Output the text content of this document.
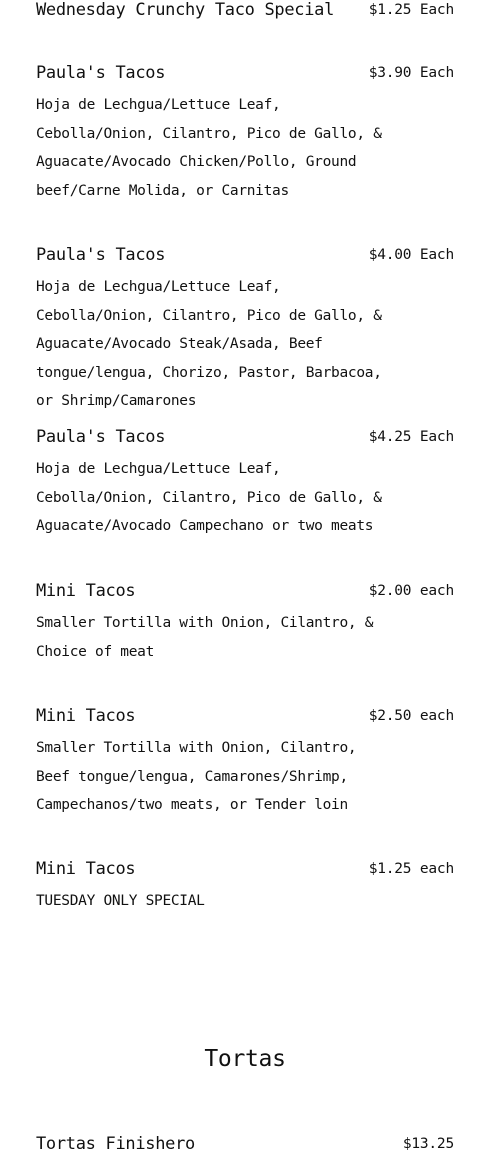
Wednesday Crunchy Taco Special $1.25 Each
Paula's Tacos	$3.90 Each

Hoja de Lechgua/Lettuce Leaf, Cebolla/Onion, Cilantro, Pico de Gallo, & Aguacate/Avocado Chicken/Pollo, Ground beef/Carne Molida, or Carnitas

Paula's Tacos	$4.00 Each

Hoja de Lechgua/Lettuce Leaf, Cebolla/Onion, Cilantro, Pico de Gallo, & Aguacate/Avocado Steak/Asada, Beef tongue/lengua, Chorizo, Pastor, Barbacoa, or Shrimp/Camarones

Paula's Tacos	$4.25 Each

Hoja de Lechgua/Lettuce Leaf, Cebolla/Onion, Cilantro, Pico de Gallo, & Aguacate/Avocado Campechano or two meats

Mini Tacos	$2.00 each

Smaller Tortilla with Onion, Cilantro, & Choice of meat

Mini Tacos	$2.50 each

Smaller Tortilla with Onion, Cilantro, Beef tongue/lengua, Camarones/Shrimp, Campechanos/two meats, or Tender loin

Mini Tacos	$1.25 each

TUESDAY ONLY SPECIAL

Tortas
Tortas Finishero	$13.25
